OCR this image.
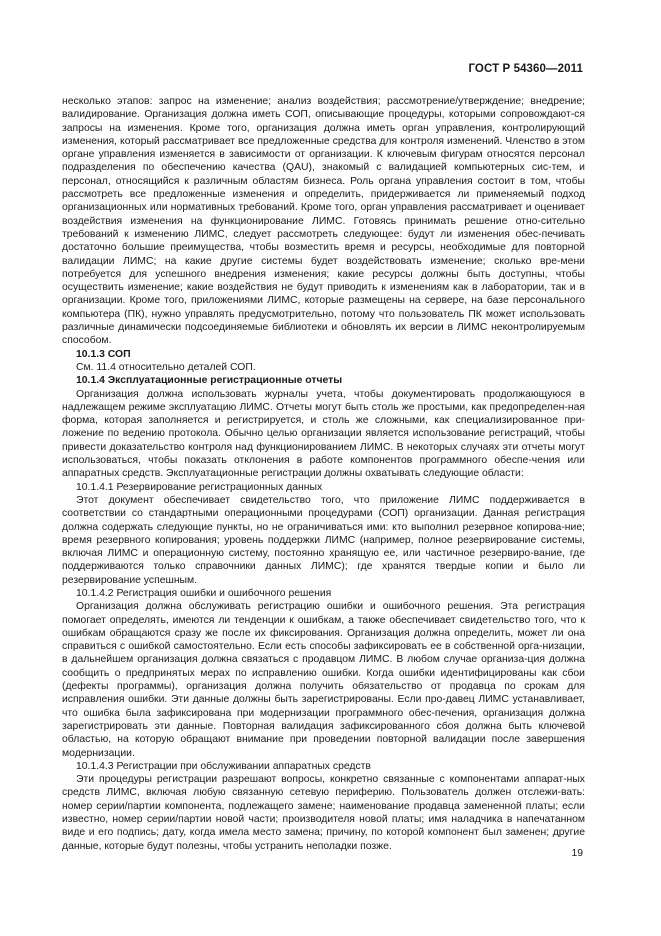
ГОСТ Р 54360—2011

несколько этапов: запрос на изменение; анализ воздействия; рассмотрение/утверждение; внедрение; валидирование. Организация должна иметь СОП, описывающие процедуры, которыми сопровождают-ся запросы на изменения. Кроме того, организация должна иметь орган управления, контролирующий изменения, который рассматривает все предложенные средства для контроля изменений. Членство в этом органе управления изменяется в зависимости от организации. К ключевым фигурам относятся персонал подразделения по обеспечению качества (QAU), знакомый с валидацией компьютерных сис-тем, и персонал, относящийся к различным областям бизнеса. Роль органа управления состоит в том, чтобы рассмотреть все предложенные изменения и определить, придерживается ли применяемый подход организационных или нормативных требований. Кроме того, орган управления рассматривает и оценивает воздействия изменения на функционирование ЛИМС. Готовясь принимать решение отно-сительно требований к изменению ЛИМС, следует рассмотреть следующее: будут ли изменения обес-печивать достаточно большие преимущества, чтобы возместить время и ресурсы, необходимые для повторной валидации ЛИМС; на какие другие системы будет воздействовать изменение; сколько вре-мени потребуется для успешного внедрения изменения; какие ресурсы должны быть доступны, чтобы осуществить изменение; какие воздействия не будут приводить к изменениям как в лаборатории, так и в организации. Кроме того, приложениями ЛИМС, которые размещены на сервере, на базе персонального компьютера (ПК), нужно управлять предусмотрительно, потому что пользователь ПК может использовать различные динамически подсоединяемые библиотеки и обновлять их версии в ЛИМС неконтролируемым способом.

10.1.3 СОП

См. 11.4 относительно деталей СОП.

10.1.4 Эксплуатационные регистрационные отчеты

Организация должна использовать журналы учета, чтобы документировать продолжающуюся в надлежащем режиме эксплуатацию ЛИМС. Отчеты могут быть столь же простыми, как предопределен-ная форма, которая заполняется и регистрируется, и столь же сложными, как специализированное при-ложение по ведению протокола. Обычно целью организации является использование регистраций, чтобы привести доказательство контроля над функционированием ЛИМС. В некоторых случаях эти отчеты могут использоваться, чтобы показать отклонения в работе компонентов программного обеспе-чения или аппаратных средств. Эксплуатационные регистрации должны охватывать следующие области:

10.1.4.1 Резервирование регистрационных данных

Этот документ обеспечивает свидетельство того, что приложение ЛИМС поддерживается в соответствии со стандартными операционными процедурами (СОП) организации. Данная регистрация должна содержать следующие пункты, но не ограничиваться ими: кто выполнил резервное копирова-ние; время резервного копирования; уровень поддержки ЛИМС (например, полное резервирование системы, включая ЛИМС и операционную систему, постоянно хранящую ее, или частичное резервиро-вание, где поддерживаются только справочники данных ЛИМС); где хранятся твердые копии и было ли резервирование успешным.

10.1.4.2 Регистрация ошибки и ошибочного решения

Организация должна обслуживать регистрацию ошибки и ошибочного решения. Эта регистрация помогает определять, имеются ли тенденции к ошибкам, а также обеспечивает свидетельство того, что к ошибкам обращаются сразу же после их фиксирования. Организация должна определить, может ли она справиться с ошибкой самостоятельно. Если есть способы зафиксировать ее в собственной орга-низации, в дальнейшем организация должна связаться с продавцом ЛИМС. В любом случае организа-ция должна сообщить о предпринятых мерах по исправлению ошибки. Когда ошибки идентифицированы как сбои (дефекты программы), организация должна получить обязательство от продавца по срокам для исправления ошибки. Эти данные должны быть зарегистрированы. Если про-давец ЛИМС устанавливает, что ошибка была зафиксирована при модернизации программного обес-печения, организация должна зарегистрировать эти данные. Повторная валидация зафиксированного сбоя должна быть ключевой областью, на которую обращают внимание при проведении повторной валидации после завершения модернизации.

10.1.4.3 Регистрации при обслуживании аппаратных средств

Эти процедуры регистрации разрешают вопросы, конкретно связанные с компонентами аппарат-ных средств ЛИМС, включая любую связанную сетевую периферию. Пользователь должен отслежи-вать: номер серии/партии компонента, подлежащего замене; наименование продавца замененной платы; если известно, номер серии/партии новой части; производителя новой платы; имя наладчика в напечатанном виде и его подпись; дату, когда имела место замена; причину, по которой компонент был заменен; другие данные, которые будут полезны, чтобы устранить неполадки позже.

19
